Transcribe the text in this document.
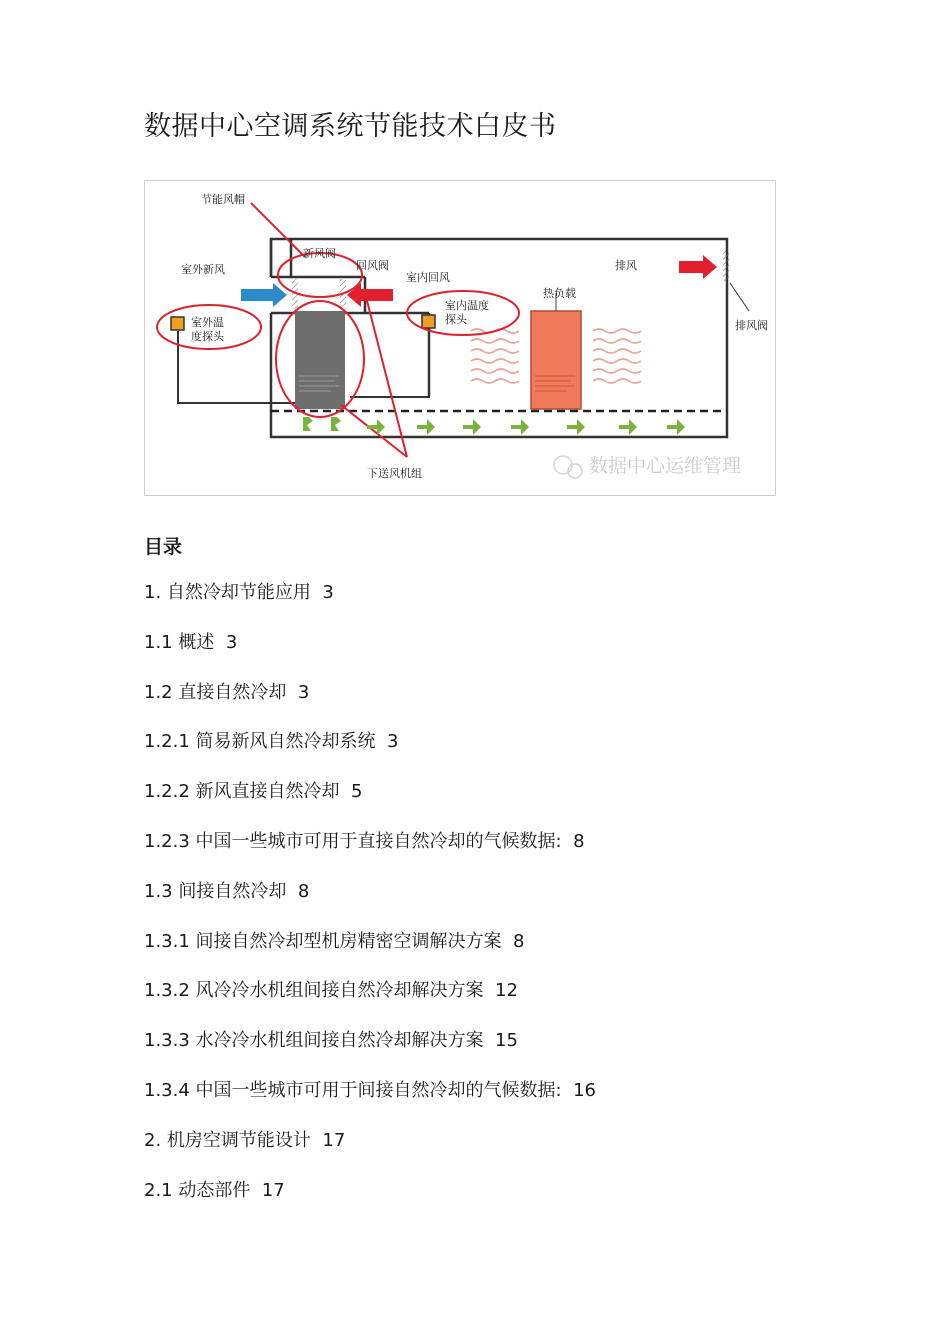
数据中心空调系统节能技术白皮书
节能风帽
新风阀
回风阀
室外新风
室内回风
排风
热负载
排风阀
室外温
度探头
室内温度
探头
下送风机组	数据中心运维管理
目录
1. 自然冷却节能应用 3
1.1 概述 3
1.2 直接自然冷却 3
1.2.1 简易新风自然冷却系统 3
1.2.2 新风直接自然冷却 5
1.2.3 中国一些城市可用于直接自然冷却的气候数据: 8
1.3 间接自然冷却 8
1.3.1 间接自然冷却型机房精密空调解决方案 8
1.3.2 风冷冷水机组间接自然冷却解决方案 12
1.3.3 水冷冷水机组间接自然冷却解决方案 15
1.3.4 中国一些城市可用于间接自然冷却的气候数据: 16
2. 机房空调节能设计 17
2.1 动态部件 17
